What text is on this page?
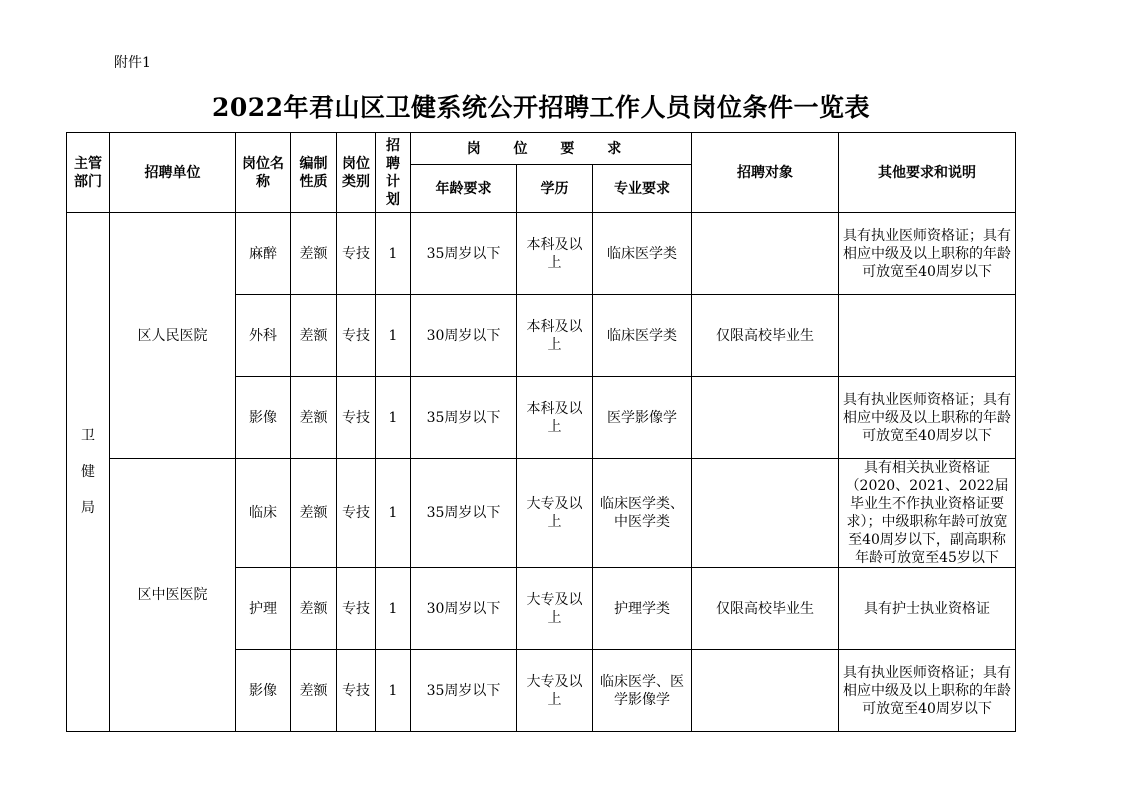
附件1
2022年君山区卫健系统公开招聘工作人员岗位条件一览表
主管部门	招聘单位	岗位名称	编制性质	岗位类别	招聘计划	岗 位 要 求			招聘对象	其他要求和说明
						年龄要求	学历	专业要求		
卫健局	区人民医院	麻醉	差额	专技	1	35周岁以下	本科及以上	临床医学类		具有执业医师资格证；具有相应中级及以上职称的年龄可放宽至40周岁以下
		外科	差额	专技	1	30周岁以下	本科及以上	临床医学类	仅限高校毕业生	
		影像	差额	专技	1	35周岁以下	本科及以上	医学影像学		具有执业医师资格证；具有相应中级及以上职称的年龄可放宽至40周岁以下
	区中医医院	临床	差额	专技	1	35周岁以下	大专及以上	临床医学类、中医学类		具有相关执业资格证（2020、2021、2022届毕业生不作执业资格证要求）；中级职称年龄可放宽至40周岁以下，副高职称年龄可放宽至45岁以下
		护理	差额	专技	1	30周岁以下	大专及以上	护理学类	仅限高校毕业生	具有护士执业资格证
		影像	差额	专技	1	35周岁以下	大专及以上	临床医学、医学影像学		具有执业医师资格证；具有相应中级及以上职称的年龄可放宽至40周岁以下
